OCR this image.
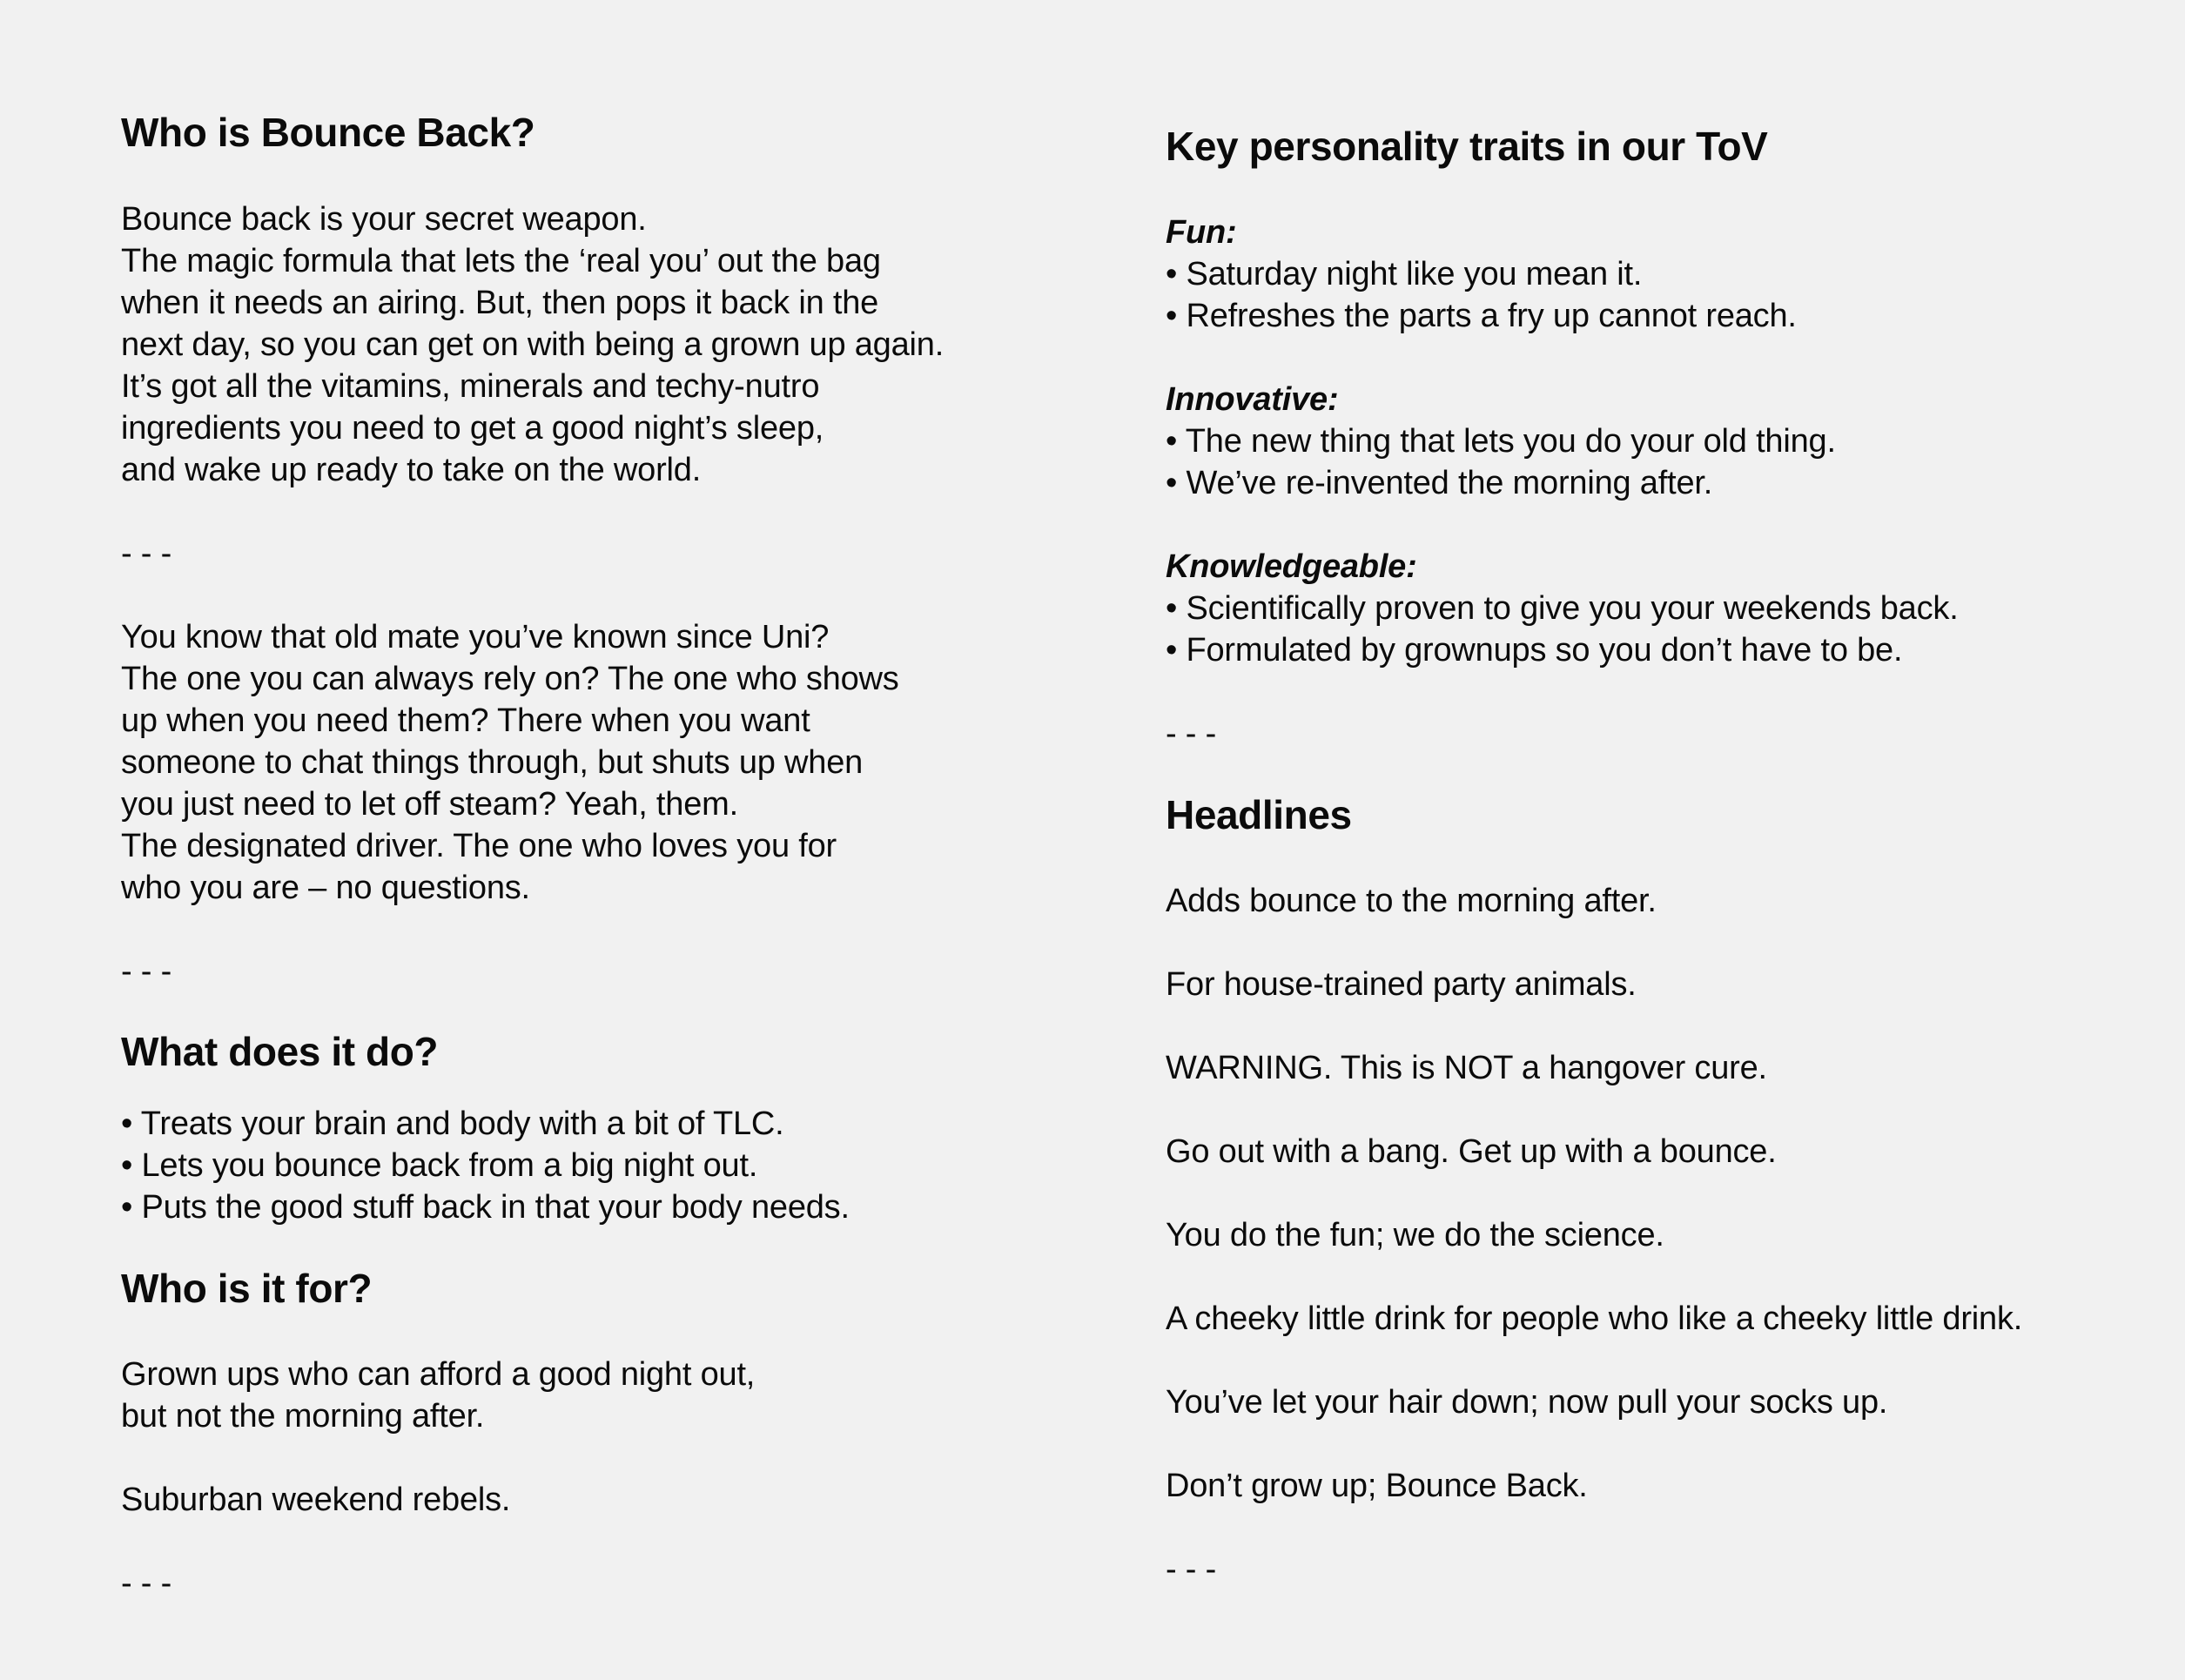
Who is Bounce Back?
Bounce back is your secret weapon.
The magic formula that lets the ‘real you’ out the bag
when it needs an airing. But, then pops it back in the
next day, so you can get on with being a grown up again.
It’s got all the vitamins, minerals and techy-nutro
ingredients you need to get a good night’s sleep,
and wake up ready to take on the world.
- - -
You know that old mate you’ve known since Uni?
The one you can always rely on? The one who shows
up when you need them? There when you want
someone to chat things through, but shuts up when
you just need to let off steam? Yeah, them.
The designated driver. The one who loves you for
who you are – no questions.
- - -
What does it do?
• Treats your brain and body with a bit of TLC.
• Lets you bounce back from a big night out.
• Puts the good stuff back in that your body needs.
Who is it for?
Grown ups who can afford a good night out,
but not the morning after.
Suburban weekend rebels.
- - -
Key personality traits in our ToV
Fun:
• Saturday night like you mean it.
• Refreshes the parts a fry up cannot reach.
Innovative:
• The new thing that lets you do your old thing.
• We’ve re-invented the morning after.
Knowledgeable:
• Scientifically proven to give you your weekends back.
• Formulated by grownups so you don’t have to be.
- - -
Headlines
Adds bounce to the morning after.
For house-trained party animals.
WARNING. This is NOT a hangover cure.
Go out with a bang. Get up with a bounce.
You do the fun; we do the science.
A cheeky little drink for people who like a cheeky little drink.
You’ve let your hair down; now pull your socks up.
Don’t grow up; Bounce Back.
- - -
